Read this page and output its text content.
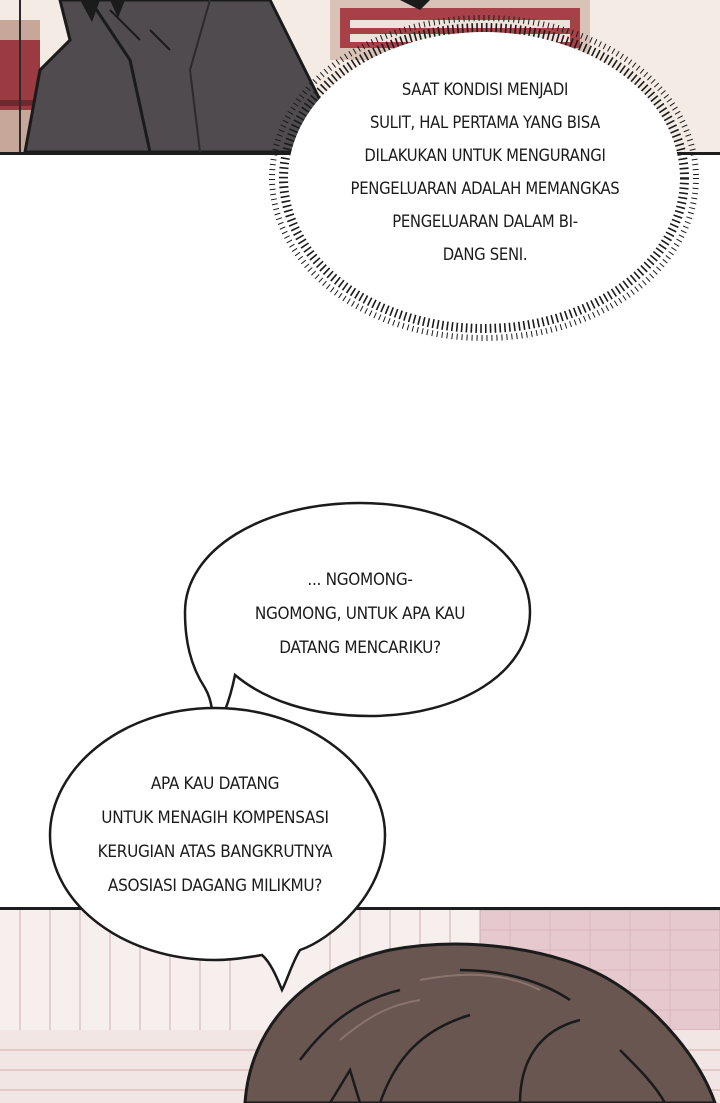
SAAT KONDISI MENJADI
SULIT, HAL PERTAMA YANG BISA
DILAKUKAN UNTUK MENGURANGI
PENGELUARAN ADALAH MEMANGKAS
PENGELUARAN DALAM BI-
DANG SENI.
... NGOMONG-
NGOMONG, UNTUK APA KAU
DATANG MENCARIKU?
APA KAU DATANG
UNTUK MENAGIH KOMPENSASI
KERUGIAN ATAS BANGKRUTNYA
ASOSIASI DAGANG MILIKMU?
